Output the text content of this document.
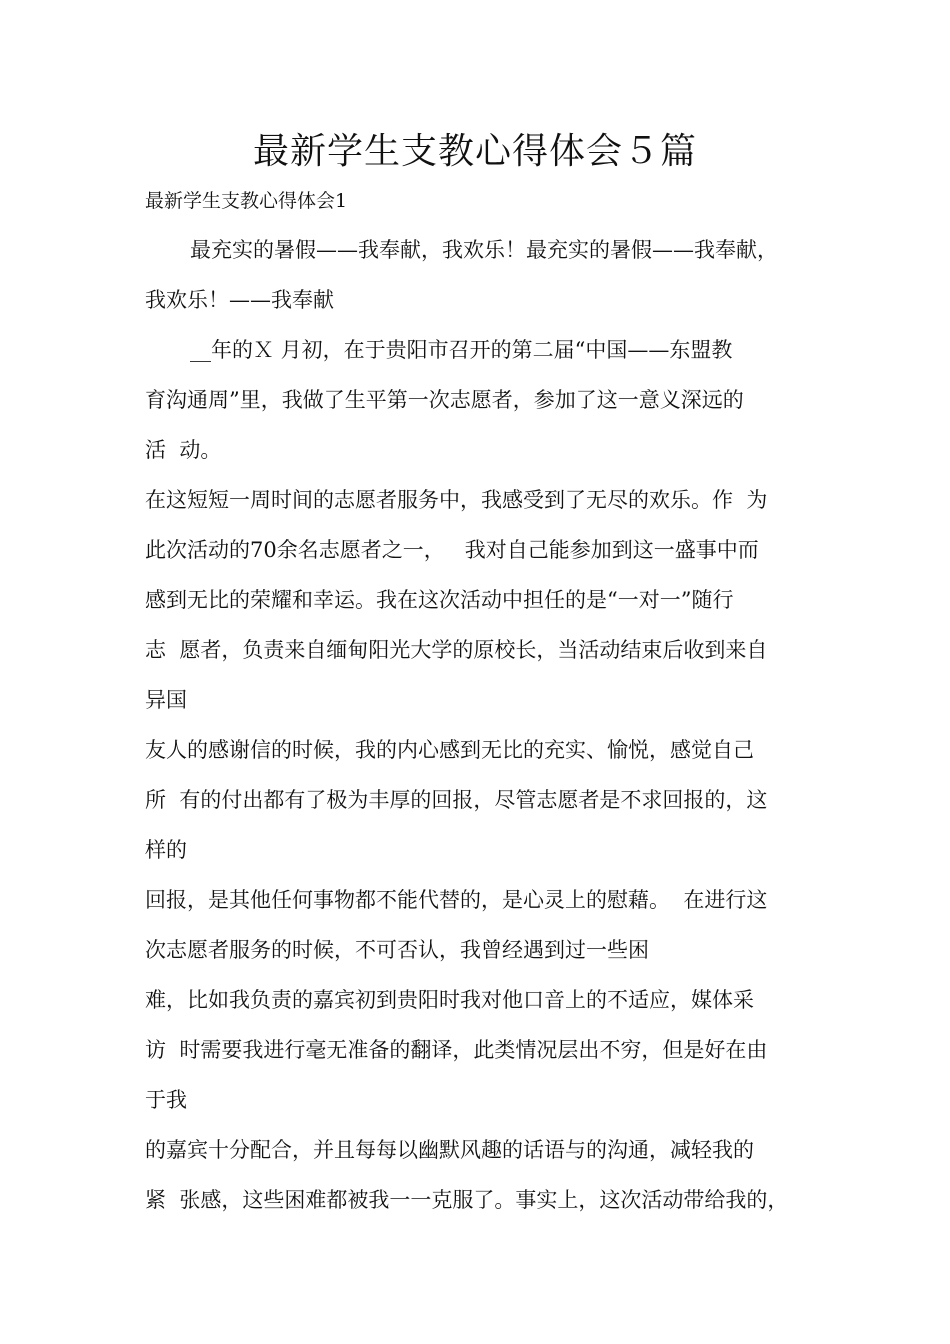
最新学生支教心得体会５篇

最新学生支教心得体会1

最充实的暑假——我奉献，我欢乐！最充实的暑假——我奉献，

我欢乐！——我奉献

__年的Ｘ 月初，在于贵阳市召开的第二届“中国——东盟教

育沟通周”里，我做了生平第一次志愿者，参加了这一意义深远的

活  动。

在这短短一周时间的志愿者服务中，我感受到了无尽的欢乐。作  为

此次活动的70余名志愿者之一，   我对自己能参加到这一盛事中而

感到无比的荣耀和幸运。我在这次活动中担任的是“一对一”随行

志  愿者，负责来自缅甸阳光大学的原校长，当活动结束后收到来自

异国

友人的感谢信的时候，我的内心感到无比的充实、愉悦，感觉自己

所  有的付出都有了极为丰厚的回报，尽管志愿者是不求回报的，这

样的

回报，是其他任何事物都不能代替的，是心灵上的慰藉。  在进行这

次志愿者服务的时候，不可否认，我曾经遇到过一些困

难，比如我负责的嘉宾初到贵阳时我对他口音上的不适应，媒体采

访  时需要我进行毫无准备的翻译，此类情况层出不穷，但是好在由

于我

的嘉宾十分配合，并且每每以幽默风趣的话语与的沟通，减轻我的

紧  张感，这些困难都被我一一克服了。事实上，这次活动带给我的，
